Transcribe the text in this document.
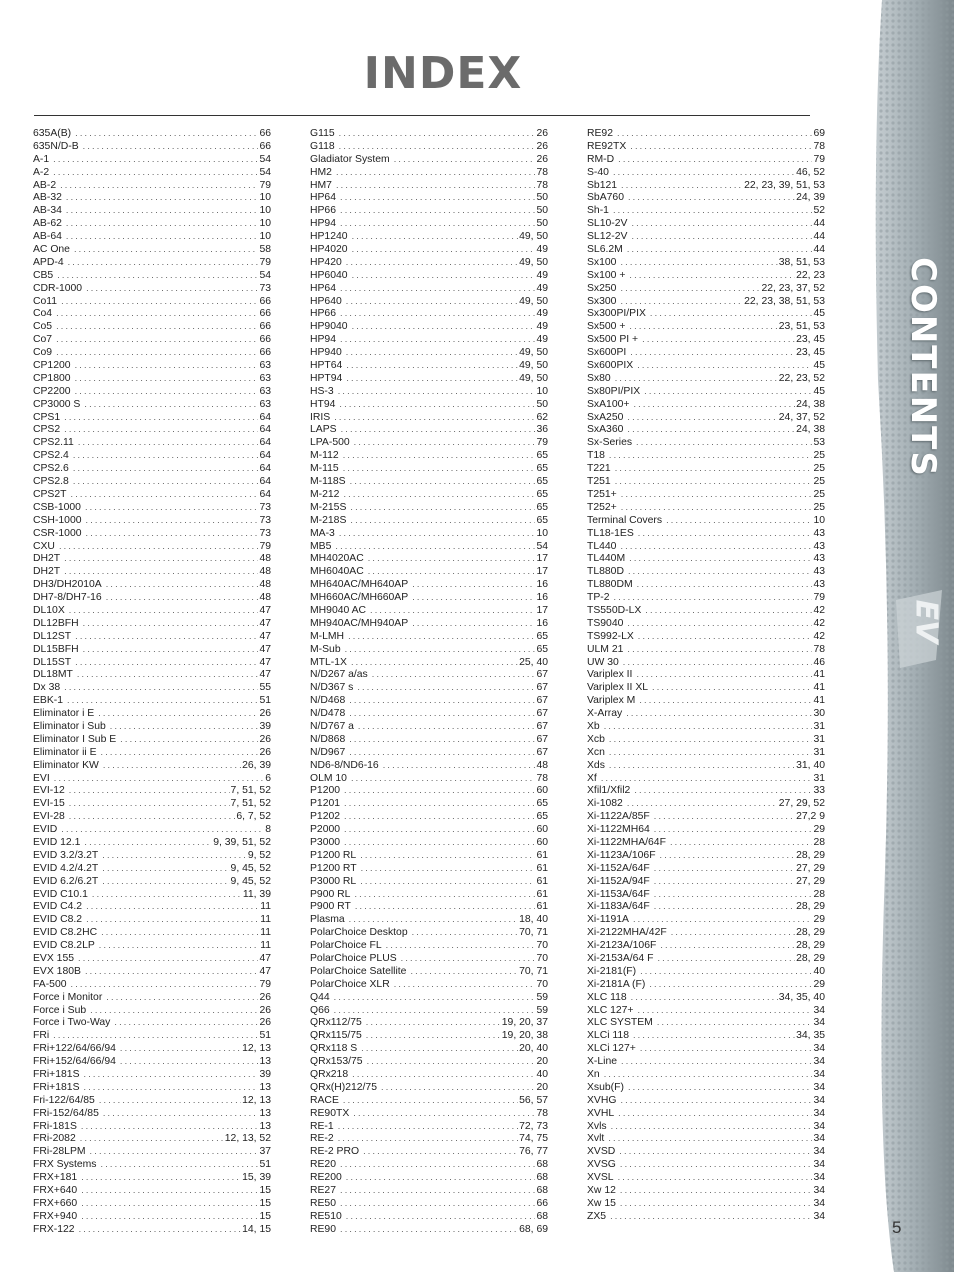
CONTENTS
EV
INDEX
635A(B) .....	66
635N/D-B .....	66
A-1 .....	54
A-2 .....	54
AB-2 .....	79
AB-32 .....	10
AB-34 .....	10
AB-62 .....	10
AB-64 .....	10
AC One .....	58
APD-4 .....	79
CB5 .....	54
CDR-1000 .....	73
Co11 .....	66
Co4 .....	66
Co5 .....	66
Co7 .....	66
Co9 .....	66
CP1200 .....	63
CP1800 .....	63
CP2200 .....	63
CP3000 S .....	63
CPS1 .....	64
CPS2 .....	64
CPS2.11 .....	64
CPS2.4 .....	64
CPS2.6 .....	64
CPS2.8 .....	64
CPS2T .....	64
CSB-1000 .....	73
CSH-1000 .....	73
CSR-1000 .....	73
CXU .....	79
DH2T .....	48
DH2T .....	48
DH3/DH2010A .....	48
DH7-8/DH7-16 .....	48
DL10X .....	47
DL12BFH .....	47
DL12ST .....	47
DL15BFH .....	47
DL15ST .....	47
DL18MT .....	47
Dx 38 .....	55
EBK-1 .....	51
Eliminator i E .....	26
Eliminator i Sub .....	39
Eliminator I Sub E .....	26
Eliminator ii E .....	26
Eliminator KW .....	26, 39
EVI .....	6
EVI-12 .....	7, 51, 52
EVI-15 .....	7, 51, 52
EVI-28 .....	6, 7, 52
EVID .....	8
EVID 12.1 .....	9, 39, 51, 52
EVID 3.2/3.2T .....	9, 52
EVID 4.2/4.2T .....	9, 45, 52
EVID 6.2/6.2T .....	9, 45, 52
EVID C10.1 .....	11, 39
EVID C4.2 .....	11
EVID C8.2 .....	11
EVID C8.2HC .....	11
EVID C8.2LP .....	11
EVX 155 .....	47
EVX 180B .....	47
FA-500 .....	79
Force i Monitor .....	26
Force i Sub .....	26
Force i Two-Way .....	26
FRi .....	51
FRi+122/64/66/94 .....	12, 13
FRi+152/64/66/94 .....	13
FRi+181S .....	39
FRi+181S .....	13
Fri-122/64/85 .....	12, 13
FRi-152/64/85 .....	13
FRi-181S .....	13
FRi-2082 .....	12, 13, 52
FRi-28LPM .....	37
FRX Systems .....	51
FRX+181 .....	15, 39
FRX+640 .....	15
FRX+660 .....	15
FRX+940 .....	15
FRX-122 .....	14, 15
G115 .....	26
G118 .....	26
Gladiator System .....	26
HM2 .....	78
HM7 .....	78
HP64 .....	50
HP66 .....	50
HP94 .....	50
HP1240 .....	49, 50
HP4020 .....	49
HP420 .....	49, 50
HP6040 .....	49
HP64 .....	49
HP640 .....	49, 50
HP66 .....	49
HP9040 .....	49
HP94 .....	49
HP940 .....	49, 50
HPT64 .....	49, 50
HPT94 .....	49, 50
HS-3 .....	10
HT94 .....	50
IRIS .....	62
LAPS .....	36
LPA-500 .....	79
M-112 .....	65
M-115 .....	65
M-118S .....	65
M-212 .....	65
M-215S .....	65
M-218S .....	65
MA-3 .....	10
MB5 .....	54
MH4020AC .....	17
MH6040AC .....	17
MH640AC/MH640AP .....	16
MH660AC/MH660AP .....	16
MH9040 AC .....	17
MH940AC/MH940AP .....	16
M-LMH .....	65
M-Sub .....	65
MTL-1X .....	25, 40
N/D267 a/as .....	67
N/D367 s .....	67
N/D468 .....	67
N/D478 .....	67
N/D767 a .....	67
N/D868 .....	67
N/D967 .....	67
ND6-8/ND6-16 .....	48
OLM 10 .....	78
P1200 .....	60
P1201 .....	65
P1202 .....	65
P2000 .....	60
P3000 .....	60
P1200 RL .....	61
P1200 RT .....	61
P3000 RL .....	61
P900 RL .....	61
P900 RT .....	61
Plasma .....	18, 40
PolarChoice Desktop .....	70, 71
PolarChoice FL .....	70
PolarChoice PLUS .....	70
PolarChoice Satellite .....	70, 71
PolarChoice XLR .....	70
Q44 .....	59
Q66 .....	59
QRx112/75 .....	19, 20, 37
QRx115/75 .....	19, 20, 38
QRx118 S .....	20, 40
QRx153/75 .....	20
QRx218 .....	40
QRx(H)212/75 .....	20
RACE .....	56, 57
RE90TX .....	78
RE-1 .....	72, 73
RE-2 .....	74, 75
RE-2 PRO .....	76, 77
RE20 .....	68
RE200 .....	68
RE27 .....	68
RE50 .....	66
RE510 .....	68
RE90 .....	68, 69
RE92 .....	69
RE92TX .....	78
RM-D .....	79
S-40 .....	46, 52
Sb121 .....	22, 23, 39, 51, 53
SbA760 .....	24, 39
Sh-1 .....	52
SL10-2V .....	44
SL12-2V .....	44
SL6.2M .....	44
Sx100 .....	38, 51, 53
Sx100 + .....	22, 23
Sx250 .....	22, 23, 37, 52
Sx300 .....	22, 23, 38, 51, 53
Sx300PI/PIX .....	45
Sx500 + .....	23, 51, 53
Sx500 PI + .....	23, 45
Sx600PI .....	23, 45
Sx600PIX .....	45
Sx80 .....	22, 23, 52
Sx80PI/PIX .....	45
SxA100+ .....	24, 38
SxA250 .....	24, 37, 52
SxA360 .....	24, 38
Sx-Series .....	53
T18 .....	25
T221 .....	25
T251 .....	25
T251+ .....	25
T252+ .....	25
Terminal Covers .....	10
TL18-1ES .....	43
TL440 .....	43
TL440M .....	43
TL880D .....	43
TL880DM .....	43
TP-2 .....	79
TS550D-LX .....	42
TS9040 .....	42
TS992-LX .....	42
ULM 21 .....	78
UW 30 .....	46
Variplex II .....	41
Variplex II XL .....	41
Variplex M .....	41
X-Array .....	30
Xb .....	31
Xcb .....	31
Xcn .....	31
Xds .....	31, 40
Xf .....	31
Xfil1/Xfil2 .....	33
Xi-1082 .....	27, 29, 52
Xi-1122A/85F .....	27,2 9
Xi-1122MH64 .....	29
Xi-1122MHA/64F .....	28
Xi-1123A/106F .....	28, 29
Xi-1152A/64F .....	27, 29
Xi-1152A/94F .....	27, 29
Xi-1153A/64F .....	28
Xi-1183A/64F .....	28, 29
Xi-1191A .....	29
Xi-2122MHA/42F .....	28, 29
Xi-2123A/106F .....	28, 29
Xi-2153A/64 F .....	28, 29
Xi-2181(F) .....	40
Xi-2181A (F) .....	29
XLC 118 .....	34, 35, 40
XLC 127+ .....	34
XLC SYSTEM .....	34
XLCi 118 .....	34, 35
XLCi 127+ .....	34
X-Line .....	34
Xn .....	34
Xsub(F) .....	34
XVHG .....	34
XVHL .....	34
Xvls .....	34
Xvlt .....	34
XVSD .....	34
XVSG .....	34
XVSL .....	34
Xw 12 .....	34
Xw 15 .....	34
ZX5 .....	34
5
